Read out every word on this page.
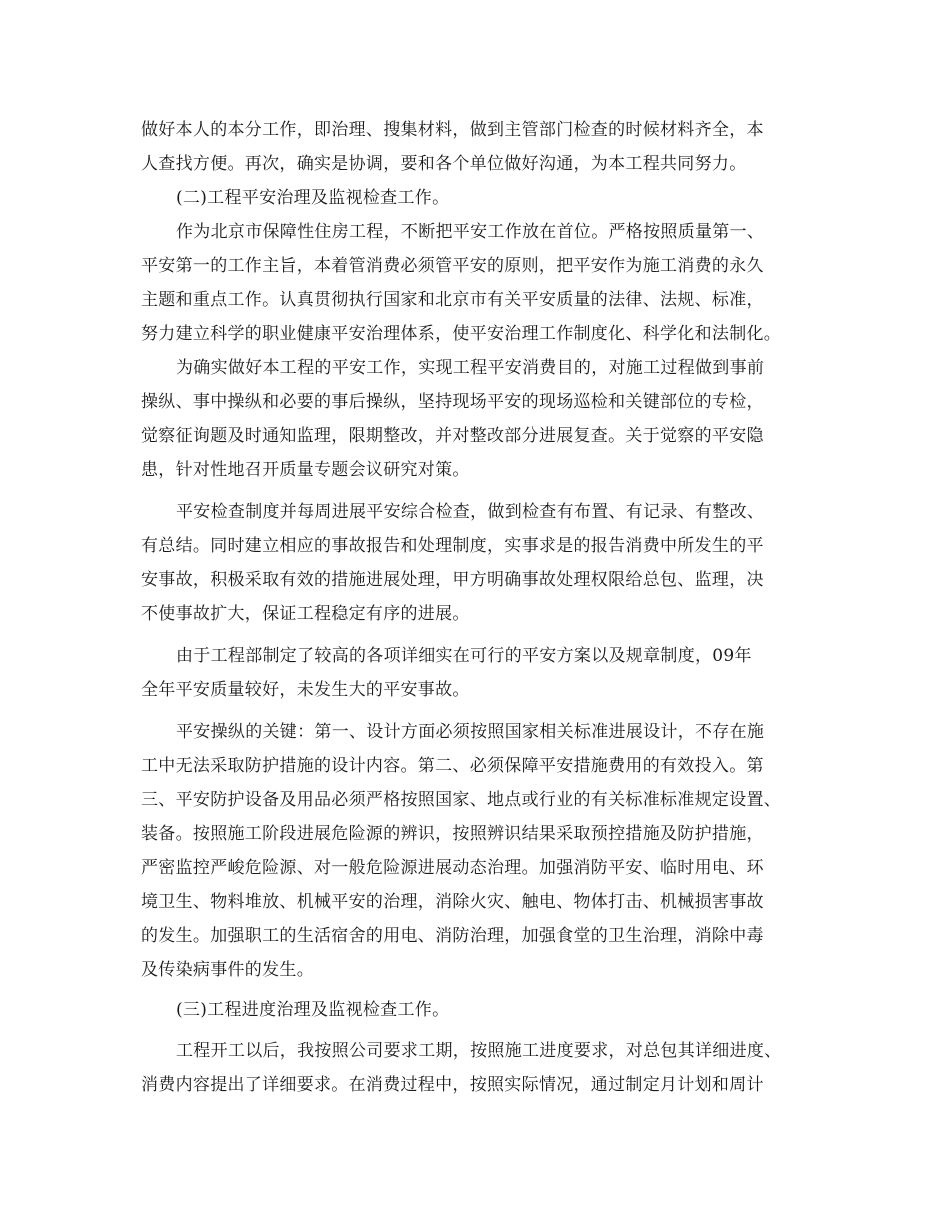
做好本人的本分工作，即治理、搜集材料，做到主管部门检查的时候材料齐全，本
人查找方便。再次，确实是协调，要和各个单位做好沟通，为本工程共同努力。
(二)工程平安治理及监视检查工作。
作为北京市保障性住房工程，不断把平安工作放在首位。严格按照质量第一、
平安第一的工作主旨，本着管消费必须管平安的原则，把平安作为施工消费的永久
主题和重点工作。认真贯彻执行国家和北京市有关平安质量的法律、法规、标准，
努力建立科学的职业健康平安治理体系，使平安治理工作制度化、科学化和法制化。
为确实做好本工程的平安工作，实现工程平安消费目的，对施工过程做到事前
操纵、事中操纵和必要的事后操纵，坚持现场平安的现场巡检和关键部位的专检，
觉察征询题及时通知监理，限期整改，并对整改部分进展复查。关于觉察的平安隐
患，针对性地召开质量专题会议研究对策。
平安检查制度并每周进展平安综合检查，做到检查有布置、有记录、有整改、
有总结。同时建立相应的事故报告和处理制度，实事求是的报告消费中所发生的平
安事故，积极采取有效的措施进展处理，甲方明确事故处理权限给总包、监理，决
不使事故扩大，保证工程稳定有序的进展。
由于工程部制定了较高的各项详细实在可行的平安方案以及规章制度，09年
全年平安质量较好，未发生大的平安事故。
平安操纵的关键：第一、设计方面必须按照国家相关标准进展设计，不存在施
工中无法采取防护措施的设计内容。第二、必须保障平安措施费用的有效投入。第
三、平安防护设备及用品必须严格按照国家、地点或行业的有关标准标准规定设置、
装备。按照施工阶段进展危险源的辨识，按照辨识结果采取预控措施及防护措施，
严密监控严峻危险源、对一般危险源进展动态治理。加强消防平安、临时用电、环
境卫生、物料堆放、机械平安的治理，消除火灾、触电、物体打击、机械损害事故
的发生。加强职工的生活宿舍的用电、消防治理，加强食堂的卫生治理，消除中毒
及传染病事件的发生。
(三)工程进度治理及监视检查工作。
工程开工以后，我按照公司要求工期，按照施工进度要求，对总包其详细进度、
消费内容提出了详细要求。在消费过程中，按照实际情况，通过制定月计划和周计
